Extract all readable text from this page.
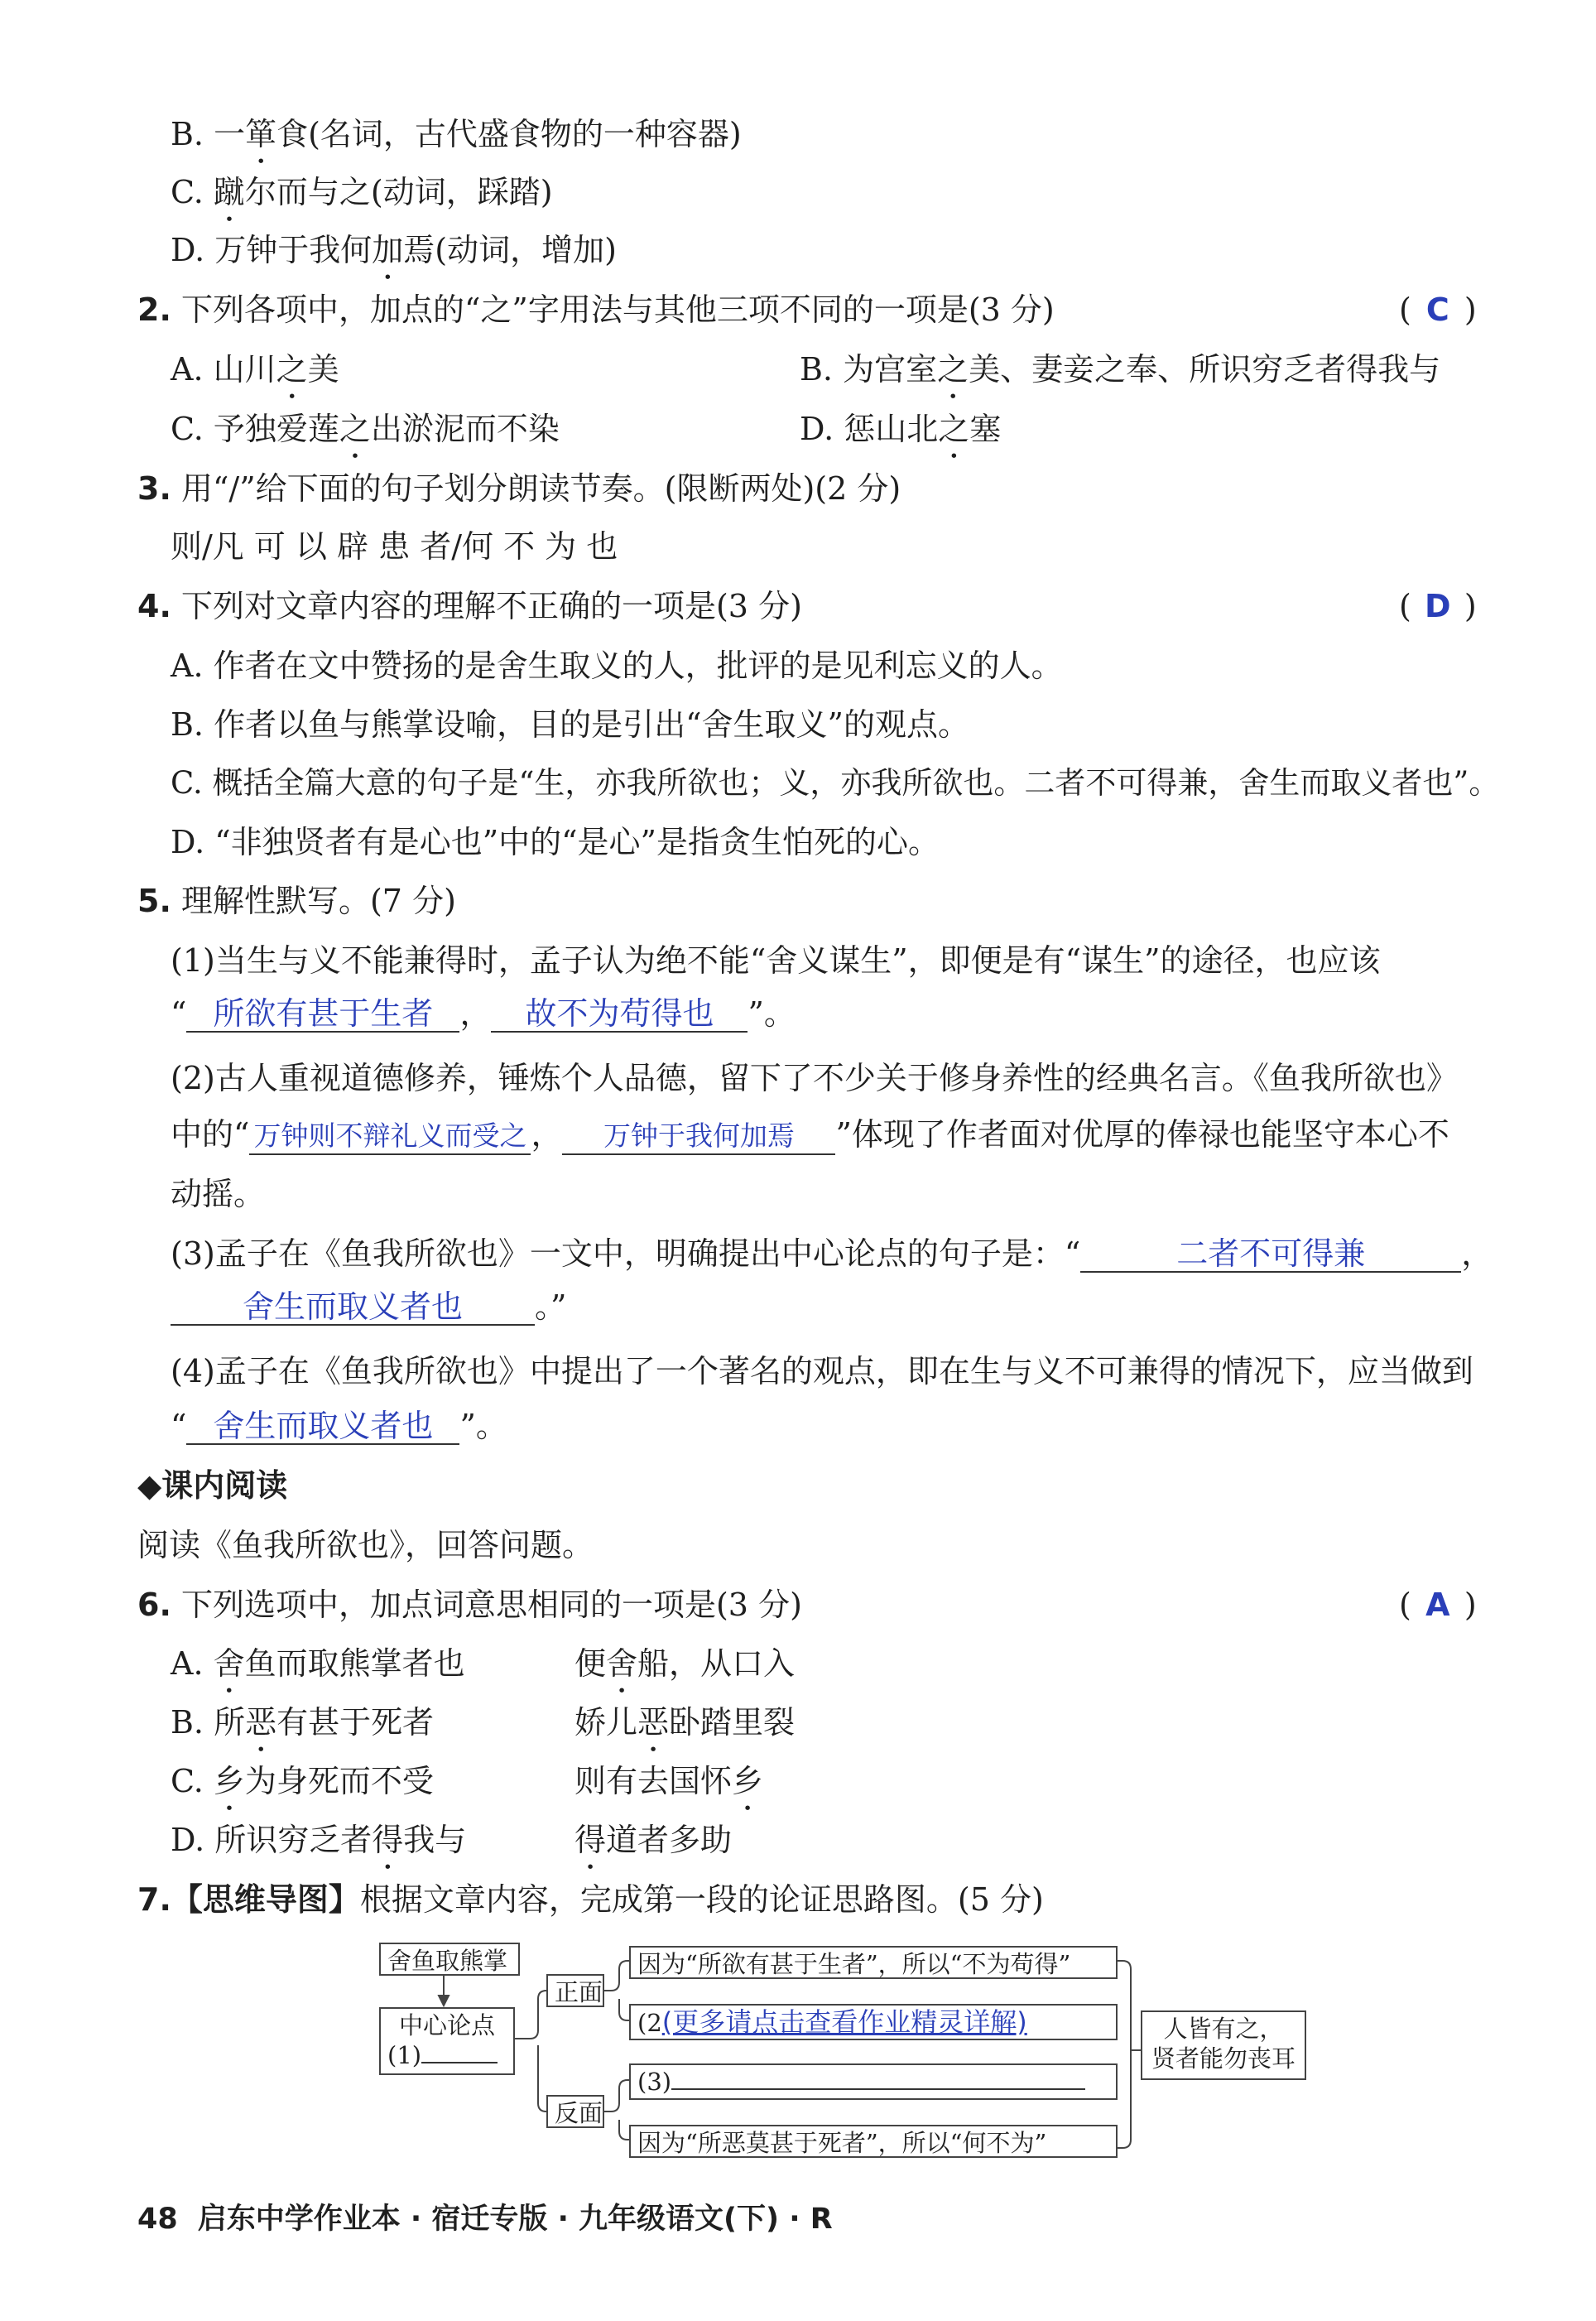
B. 一箪食(名词，古代盛食物的一种容器)
C. 蹴尔而与之(动词，踩踏)
D. 万钟于我何加焉(动词，增加)
2. 下列各项中，加点的“之”字用法与其他三项不同的一项是(3 分)	( C )
A. 山川之美	B. 为宫室之美、妻妾之奉、所识穷乏者得我与
C. 予独爱莲之出淤泥而不染	D. 惩山北之塞
3. 用“/”给下面的句子划分朗读节奏。(限断两处)(2 分)
则/凡 可 以 辟 患 者/何 不 为 也
4. 下列对文章内容的理解不正确的一项是(3 分)	( D )
A. 作者在文中赞扬的是舍生取义的人，批评的是见利忘义的人。
B. 作者以鱼与熊掌设喻，目的是引出“舍生取义”的观点。
C. 概括全篇大意的句子是“生，亦我所欲也；义，亦我所欲也。二者不可得兼，舍生而取义者也”。
D. “非独贤者有是心也”中的“是心”是指贪生怕死的心。
5. 理解性默写。(7 分)
(1)当生与义不能兼得时，孟子认为绝不能“舍义谋生”，即便是有“谋生”的途径，也应该
“ 所欲有甚于生者 ， 故不为苟得也 ”。
(2)古人重视道德修养，锤炼个人品德，留下了不少关于修身养性的经典名言。《鱼我所欲也》
中的“ 万钟则不辩礼义而受之 ， 万钟于我何加焉 ”体现了作者面对优厚的俸禄也能坚守本心不
动摇。
(3)孟子在《鱼我所欲也》一文中，明确提出中心论点的句子是：“	二者不可得兼	，
舍生而取义者也 。”
(4)孟子在《鱼我所欲也》中提出了一个著名的观点，即在生与义不可兼得的情况下，应当做到
“ 舍生而取义者也 ”。
◆课内阅读
阅读《鱼我所欲也》，回答问题。
6. 下列选项中，加点词意思相同的一项是(3 分)	( A )
A. 舍鱼而取熊掌者也	便舍船，从口入
B. 所恶有甚于死者	娇儿恶卧踏里裂
C. 乡为身死而不受	则有去国怀乡
D. 所识穷乏者得我与	得道者多助
7.【思维导图】根据文章内容，完成第一段的论证思路图。(5 分)
舍鱼取熊掌
中心论点
(1)
正面
反面
因为“所欲有甚于生者”，所以“不为苟得”
(2(更多请点击查看作业精灵详解)
(3)
因为“所恶莫甚于死者”，所以“何不为”
人皆有之，
贤者能勿丧耳
48 启东中学作业本 · 宿迁专版 · 九年级语文(下) · R
